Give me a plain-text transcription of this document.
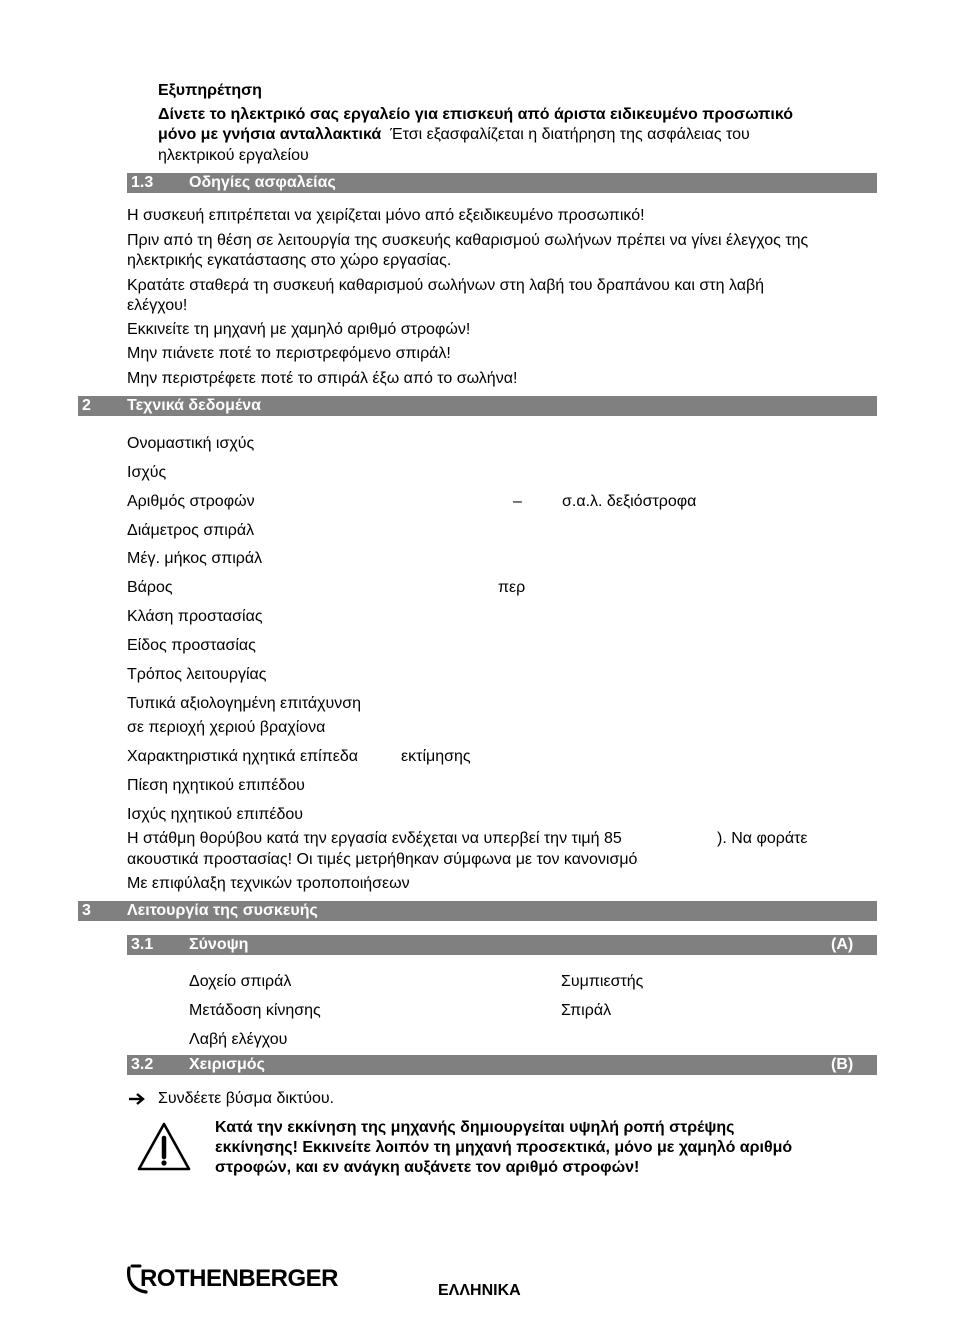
Εξυπηρέτηση
Δίνετε το ηλεκτρικό σας εργαλείο για επισκευή από άριστα ειδικευμένο προσωπικό
μόνο με γνήσια ανταλλακτικά Έτσι εξασφαλίζεται η διατήρηση της ασφάλειας του
ηλεκτρικού εργαλείου
1.3 Οδηγίες ασφαλείας
Η συσκευή επιτρέπεται να χειρίζεται μόνο από εξειδικευμένο προσωπικό!
Πριν από τη θέση σε λειτουργία της συσκευής καθαρισμού σωλήνων πρέπει να γίνει έλεγχος της
ηλεκτρικής εγκατάστασης στο χώρο εργασίας.
Κρατάτε σταθερά τη συσκευή καθαρισμού σωλήνων στη λαβή του δραπάνου και στη λαβή
ελέγχου!
Εκκινείτε τη μηχανή με χαμηλό αριθμό στροφών!
Μην πιάνετε ποτέ το περιστρεφόμενο σπιράλ!
Μην περιστρέφετε ποτέ το σπιράλ έξω από το σωλήνα!
2 Τεχνικά δεδομένα
Ονομαστική ισχύς
Ισχύς
Αριθμός στροφών	–	σ.α.λ. δεξιόστροφα
Διάμετρος σπιράλ
Μέγ. μήκος σπιράλ
Βάρος	περ
Κλάση προστασίας
Είδος προστασίας
Τρόπος λειτουργίας
Τυπικά αξιολογημένη επιτάχυνση
σε περιοχή χεριού βραχίονα
Χαρακτηριστικά ηχητικά επίπεδα	εκτίμησης
Πίεση ηχητικού επιπέδου
Ισχύς ηχητικού επιπέδου
Η στάθμη θορύβου κατά την εργασία ενδέχεται να υπερβεί την τιμή 85	). Να φοράτε
ακουστικά προστασίας! Οι τιμές μετρήθηκαν σύμφωνα με τον κανονισμό
Με επιφύλαξη τεχνικών τροποποιήσεων
3 Λειτουργία της συσκευής
3.1 Σύνοψη	(A)
Δοχείο σπιράλ	Συμπιεστής
Μετάδοση κίνησης	Σπιράλ
Λαβή ελέγχου
3.2 Χειρισμός	(B)
Συνδέετε βύσμα δικτύου.
Κατά την εκκίνηση της μηχανής δημιουργείται υψηλή ροπή στρέψης
εκκίνησης! Εκκινείτε λοιπόν τη μηχανή προσεκτικά, μόνο με χαμηλό αριθμό
στροφών, και εν ανάγκη αυξάνετε τον αριθμό στροφών!
ROTHENBERGER	ΕΛΛΗΝΙΚΑ
